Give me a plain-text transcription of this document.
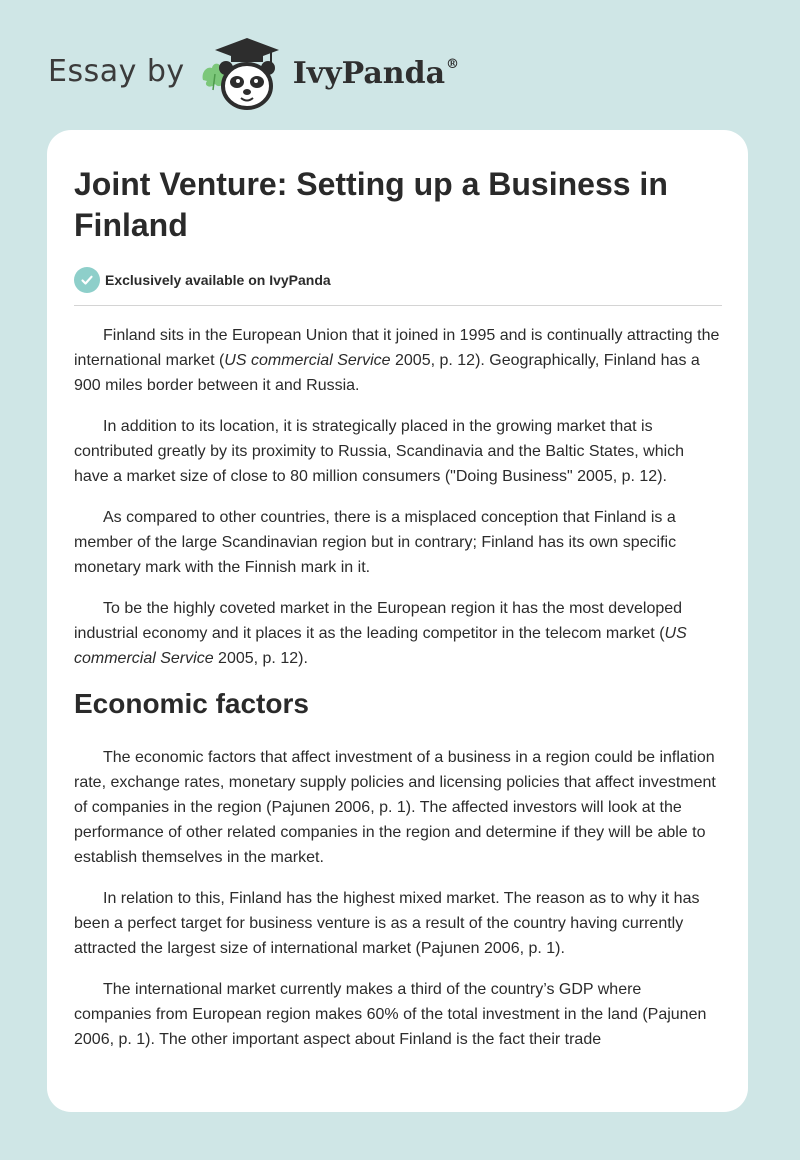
Essay by	IvyPanda®
Joint Venture: Setting up a Business in Finland
Exclusively available on IvyPanda

Finland sits in the European Union that it joined in 1995 and is continually attracting the international market (US commercial Service 2005, p. 12). Geographically, Finland has a 900 miles border between it and Russia.

In addition to its location, it is strategically placed in the growing market that is contributed greatly by its proximity to Russia, Scandinavia and the Baltic States, which have a market size of close to 80 million consumers ("Doing Business" 2005, p. 12).

As compared to other countries, there is a misplaced conception that Finland is a member of the large Scandinavian region but in contrary; Finland has its own specific monetary mark with the Finnish mark in it.

To be the highly coveted market in the European region it has the most developed industrial economy and it places it as the leading competitor in the telecom market (US commercial Service 2005, p. 12).

Economic factors

The economic factors that affect investment of a business in a region could be inflation rate, exchange rates, monetary supply policies and licensing policies that affect investment of companies in the region (Pajunen 2006, p. 1). The affected investors will look at the performance of other related companies in the region and determine if they will be able to establish themselves in the market.

In relation to this, Finland has the highest mixed market. The reason as to why it has been a perfect target for business venture is as a result of the country having currently attracted the largest size of international market (Pajunen 2006, p. 1).

The international market currently makes a third of the country’s GDP where companies from European region makes 60% of the total investment in the land (Pajunen 2006, p. 1). The other important aspect about Finland is the fact their trade
